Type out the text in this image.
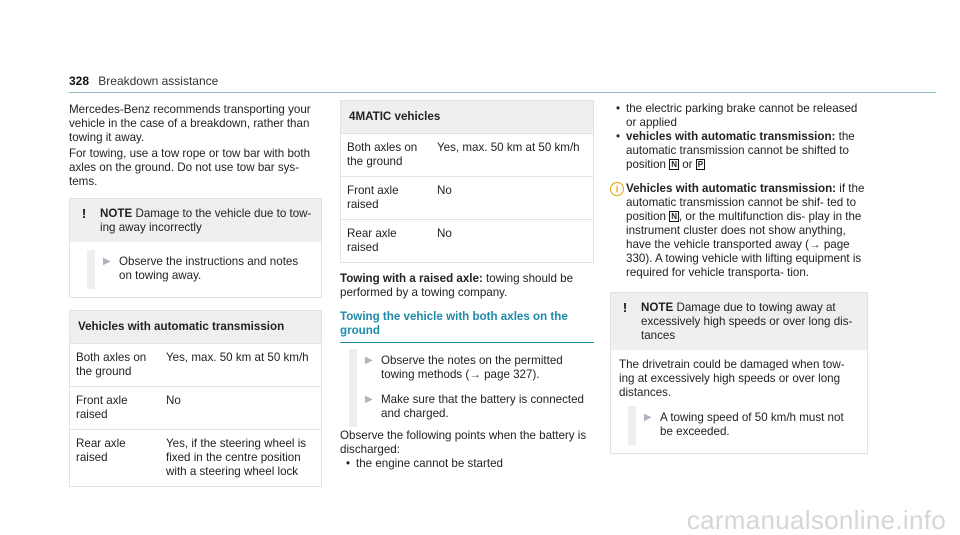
328 Breakdown assistance

Mercedes-Benz recommends transporting your vehicle in the case of a breakdown, rather than towing it away.

For towing, use a tow rope or tow bar with both axles on the ground. Do not use tow bar sys- tems.

!	NOTE Damage to the vehicle due to tow- ing away incorrectly
▶ Observe the instructions and notes on towing away.
Vehicles with automatic transmission	
Both axles on the ground	Yes, max. 50 km at 50 km/h
Front axle raised	No
Rear axle raised	Yes, if the steering wheel is fixed in the centre position with a steering wheel lock
4MATIC vehicles	
Both axles on the ground	Yes, max. 50 km at 50 km/h
Front axle raised	No
Rear axle raised	No

Towing with a raised axle: towing should be performed by a towing company.

Towing the vehicle with both axles on the ground
▶ Observe the notes on the permitted towing methods (→ page 327).
▶ Make sure that the battery is connected and charged.

Observe the following points when the battery is discharged:

• the engine cannot be started
• the electric parking brake cannot be released or applied
• vehicles with automatic transmission: the automatic transmission cannot be shifted to position N or P
i Vehicles with automatic transmission: if the automatic transmission cannot be shif- ted to position N , or the multifunction dis- play in the instrument cluster does not show anything, have the vehicle transported away (→ page 330). A towing vehicle with lifting equipment is required for vehicle transporta- tion.
!	NOTE Damage due to towing away at excessively high speeds or over long dis- tances

The drivetrain could be damaged when tow- ing at excessively high speeds or over long distances.

▶ A towing speed of 50 km/h must not be exceeded.
carmanualsonline.info
